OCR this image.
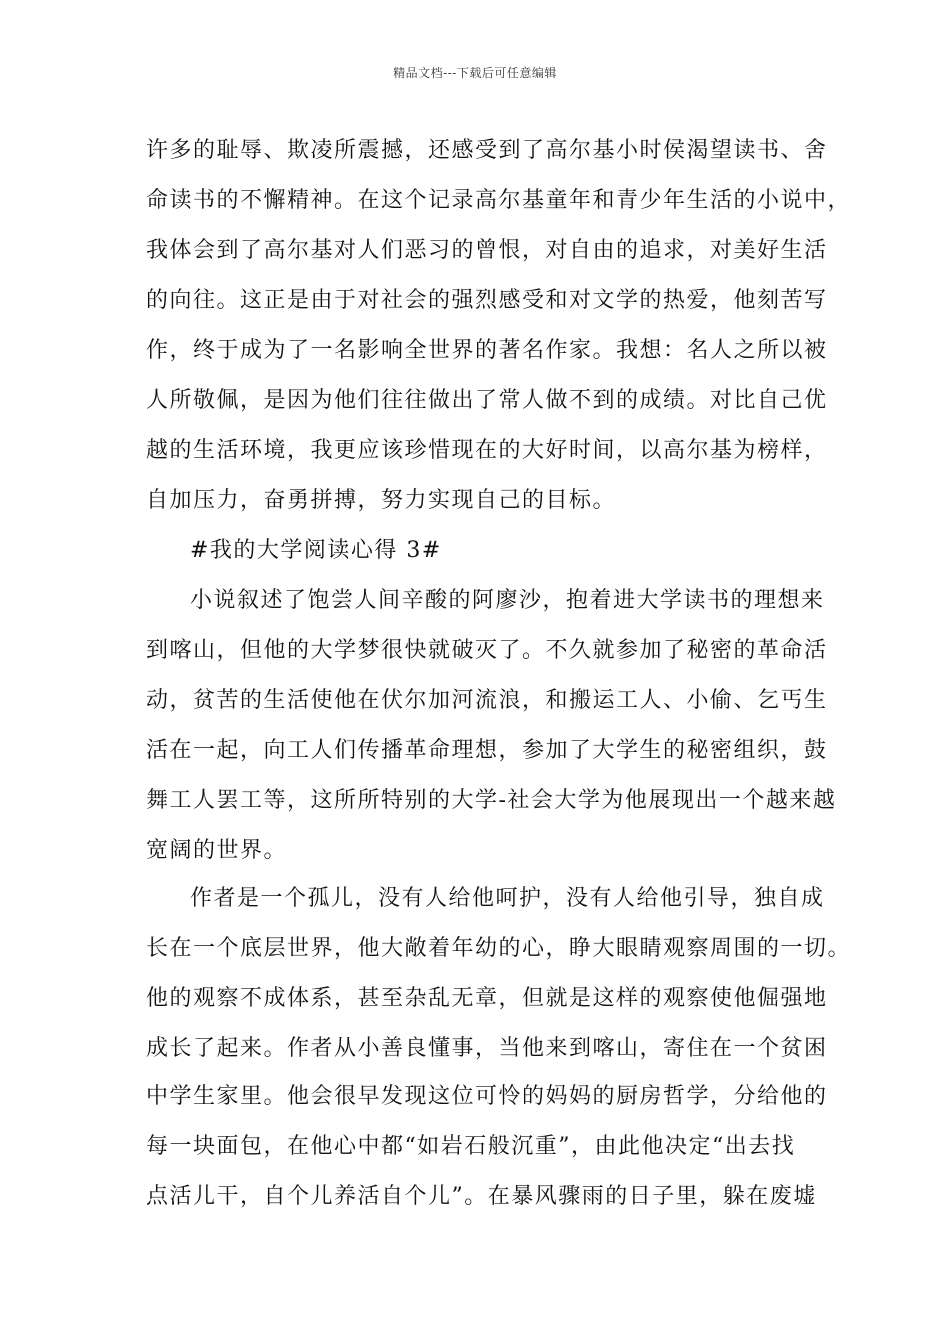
精品文档---下载后可任意编辑
许多的耻辱、欺凌所震撼，还感受到了高尔基小时侯渴望读书、舍
命读书的不懈精神。在这个记录高尔基童年和青少年生活的小说中，
我体会到了高尔基对人们恶习的曾恨，对自由的追求，对美好生活
的向往。这正是由于对社会的强烈感受和对文学的热爱，他刻苦写
作，终于成为了一名影响全世界的著名作家。我想：名人之所以被
人所敬佩，是因为他们往往做出了常人做不到的成绩。对比自己优
越的生活环境，我更应该珍惜现在的大好时间，以高尔基为榜样，
自加压力，奋勇拼搏，努力实现自己的目标。
#我的大学阅读心得 3#
小说叙述了饱尝人间辛酸的阿廖沙，抱着进大学读书的理想来
到喀山，但他的大学梦很快就破灭了。不久就参加了秘密的革命活
动，贫苦的生活使他在伏尔加河流浪，和搬运工人、小偷、乞丐生
活在一起，向工人们传播革命理想，参加了大学生的秘密组织，鼓
舞工人罢工等，这所所特别的大学-社会大学为他展现出一个越来越
宽阔的世界。
作者是一个孤儿，没有人给他呵护，没有人给他引导，独自成
长在一个底层世界，他大敞着年幼的心，睁大眼睛观察周围的一切。
他的观察不成体系，甚至杂乱无章，但就是这样的观察使他倔强地
成长了起来。作者从小善良懂事，当他来到喀山，寄住在一个贫困
中学生家里。他会很早发现这位可怜的妈妈的厨房哲学，分给他的
每一块面包，在他心中都“如岩石般沉重”，由此他决定“出去找
点活儿干，自个儿养活自个儿”。在暴风骤雨的日子里，躲在废墟
